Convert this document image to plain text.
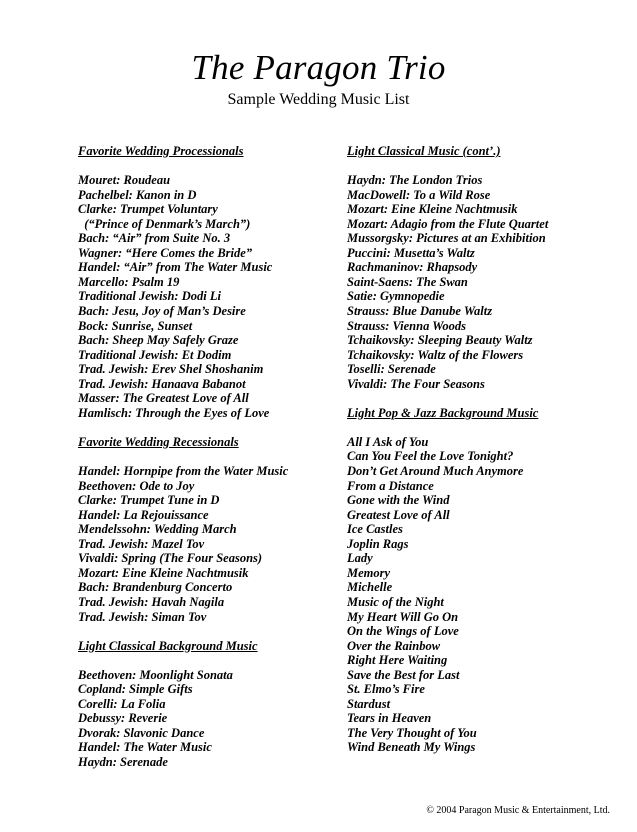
The Paragon Trio
Sample Wedding Music List
Favorite Wedding Processionals
Mouret: Roudeau
Pachelbel: Kanon in D
Clarke: Trumpet Voluntary
(“Prince of Denmark’s March”)
Bach: “Air” from Suite No. 3
Wagner: “Here Comes the Bride”
Handel: “Air” from The Water Music
Marcello: Psalm 19
Traditional Jewish: Dodi Li
Bach: Jesu, Joy of Man’s Desire
Bock: Sunrise, Sunset
Bach: Sheep May Safely Graze
Traditional Jewish: Et Dodim
Trad. Jewish: Erev Shel Shoshanim
Trad. Jewish: Hanaava Babanot
Masser: The Greatest Love of All
Hamlisch: Through the Eyes of Love
Favorite Wedding Recessionals
Handel: Hornpipe from the Water Music
Beethoven: Ode to Joy
Clarke: Trumpet Tune in D
Handel: La Rejouissance
Mendelssohn: Wedding March
Trad. Jewish: Mazel Tov
Vivaldi: Spring (The Four Seasons)
Mozart: Eine Kleine Nachtmusik
Bach: Brandenburg Concerto
Trad. Jewish: Havah Nagila
Trad. Jewish: Siman Tov
Light Classical Background Music
Beethoven: Moonlight Sonata
Copland: Simple Gifts
Corelli: La Folia
Debussy: Reverie
Dvorak: Slavonic Dance
Handel: The Water Music
Haydn: Serenade
Light Classical Music (cont’.)
Haydn: The London Trios
MacDowell: To a Wild Rose
Mozart: Eine Kleine Nachtmusik
Mozart: Adagio from the Flute Quartet
Mussorgsky: Pictures at an Exhibition
Puccini: Musetta’s Waltz
Rachmaninov: Rhapsody
Saint-Saens: The Swan
Satie: Gymnopedie
Strauss: Blue Danube Waltz
Strauss: Vienna Woods
Tchaikovsky: Sleeping Beauty Waltz
Tchaikovsky: Waltz of the Flowers
Toselli: Serenade
Vivaldi: The Four Seasons
Light Pop & Jazz Background Music
All I Ask of You
Can You Feel the Love Tonight?
Don’t Get Around Much Anymore
From a Distance
Gone with the Wind
Greatest Love of All
Ice Castles
Joplin Rags
Lady
Memory
Michelle
Music of the Night
My Heart Will Go On
On the Wings of Love
Over the Rainbow
Right Here Waiting
Save the Best for Last
St. Elmo’s Fire
Stardust
Tears in Heaven
The Very Thought of You
Wind Beneath My Wings
© 2004 Paragon Music & Entertainment, Ltd.
